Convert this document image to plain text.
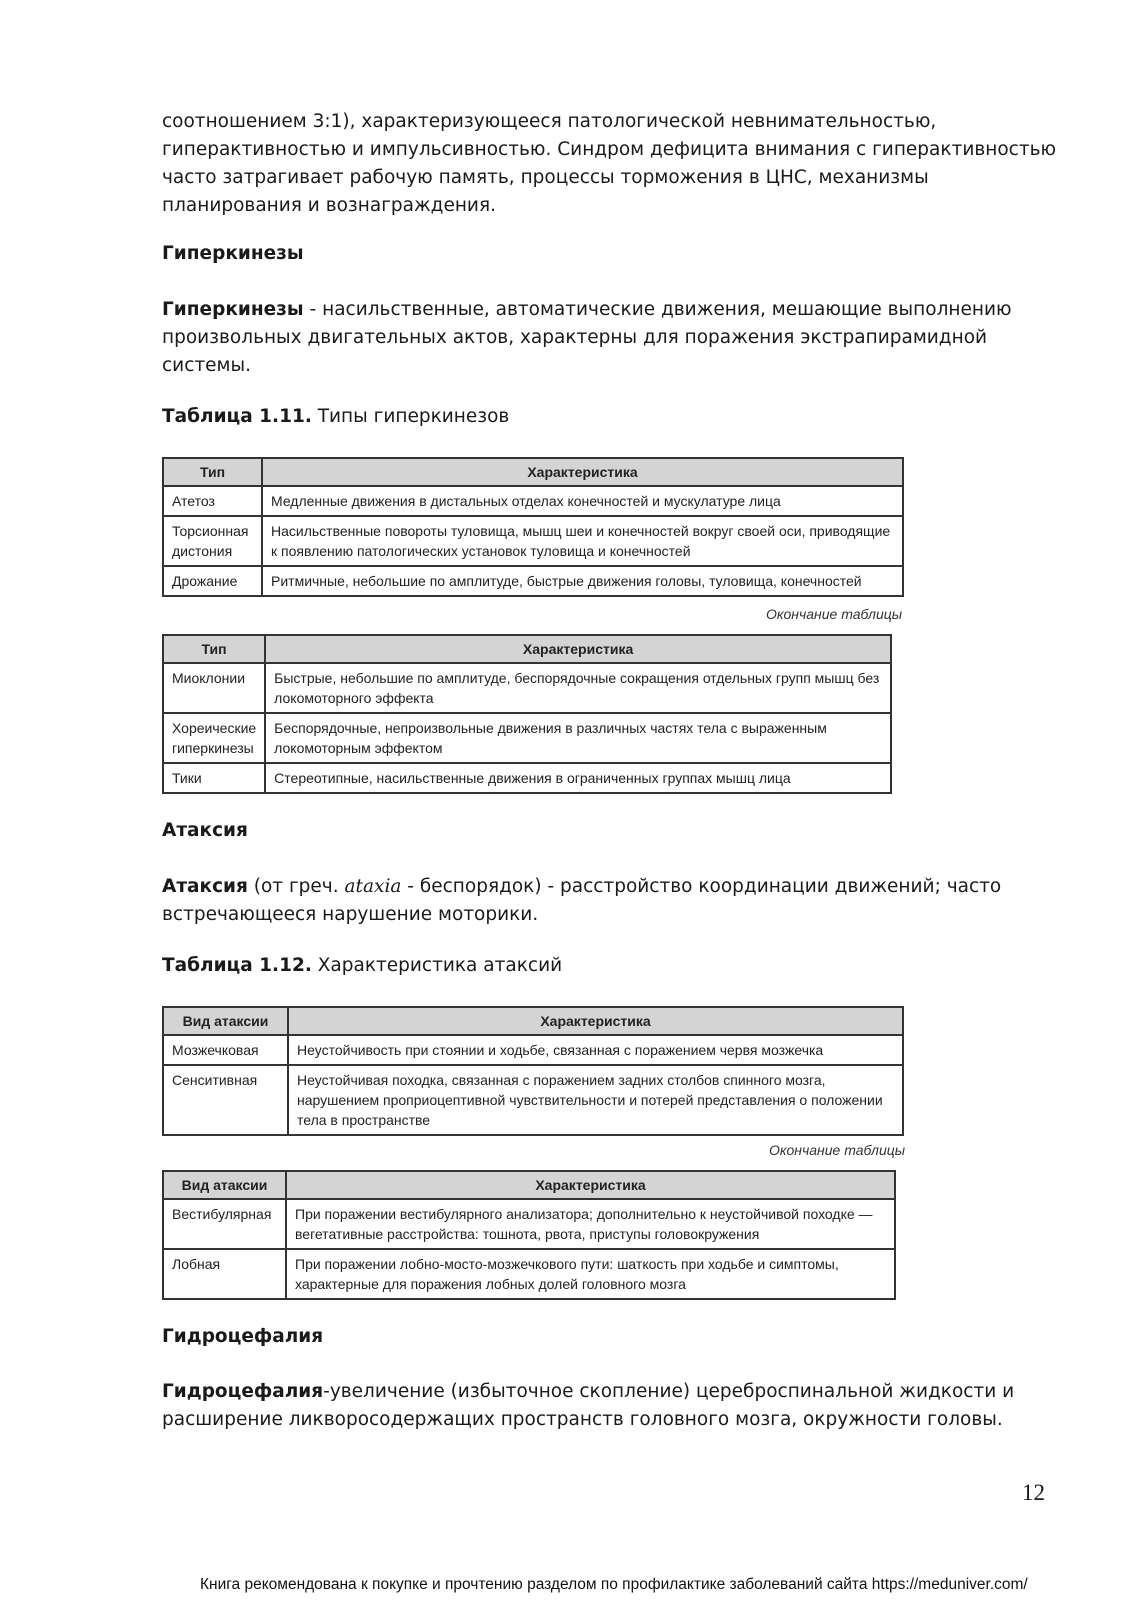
соотношением 3:1), характеризующееся патологической невнимательностью,
гиперактивностью и импульсивностью. Синдром дефицита внимания с гиперактивностью
часто затрагивает рабочую память, процессы торможения в ЦНС, механизмы
планирования и вознаграждения.
Гиперкинезы
Гиперкинезы - насильственные, автоматические движения, мешающие выполнению
произвольных двигательных актов, характерны для поражения экстрапирамидной
системы.
Таблица 1.11. Типы гиперкинезов
Тип	Характеристика
Атетоз	Медленные движения в дистальных отделах конечностей и мускулатуре лица
Торсионная дистония	Насильственные повороты туловища, мышц шеи и конечностей вокруг своей оси, приводящие к появлению патологических установок туловища и конечностей
Дрожание	Ритмичные, небольшие по амплитуде, быстрые движения головы, туловища, конечностей
Окончание таблицы
Тип	Характеристика
Миоклонии	Быстрые, небольшие по амплитуде, беспорядочные сокращения отдельных групп мышц без локомоторного эффекта
Хореические гиперкинезы	Беспорядочные, непроизвольные движения в различных частях тела с выраженным локомоторным эффектом
Тики	Стереотипные, насильственные движения в ограниченных группах мышц лица
Атаксия
Атаксия (от греч. ataxia - беспорядок) - расстройство координации движений; часто
встречающееся нарушение моторики.
Таблица 1.12. Характеристика атаксий
Вид атаксии	Характеристика
Мозжечковая	Неустойчивость при стоянии и ходьбе, связанная с поражением червя мозжечка
Сенситивная	Неустойчивая походка, связанная с поражением задних столбов спинного мозга, нарушением проприоцептивной чувствительности и потерей представления о положении тела в пространстве
Окончание таблицы
Вид атаксии	Характеристика
Вестибулярная	При поражении вестибулярного анализатора; дополнительно к неустойчивой походке — вегетативные расстройства: тошнота, рвота, приступы головокружения
Лобная	При поражении лобно-мосто-мозжечкового пути: шаткость при ходьбе и симптомы, характерные для поражения лобных долей головного мозга
Гидроцефалия
Гидроцефалия-увеличение (избыточное скопление) цереброспинальной жидкости и
расширение ликворосодержащих пространств головного мозга, окружности головы.
12
Книга рекомендована к покупке и прочтению разделом по профилактике заболеваний сайта https://meduniver.com/
